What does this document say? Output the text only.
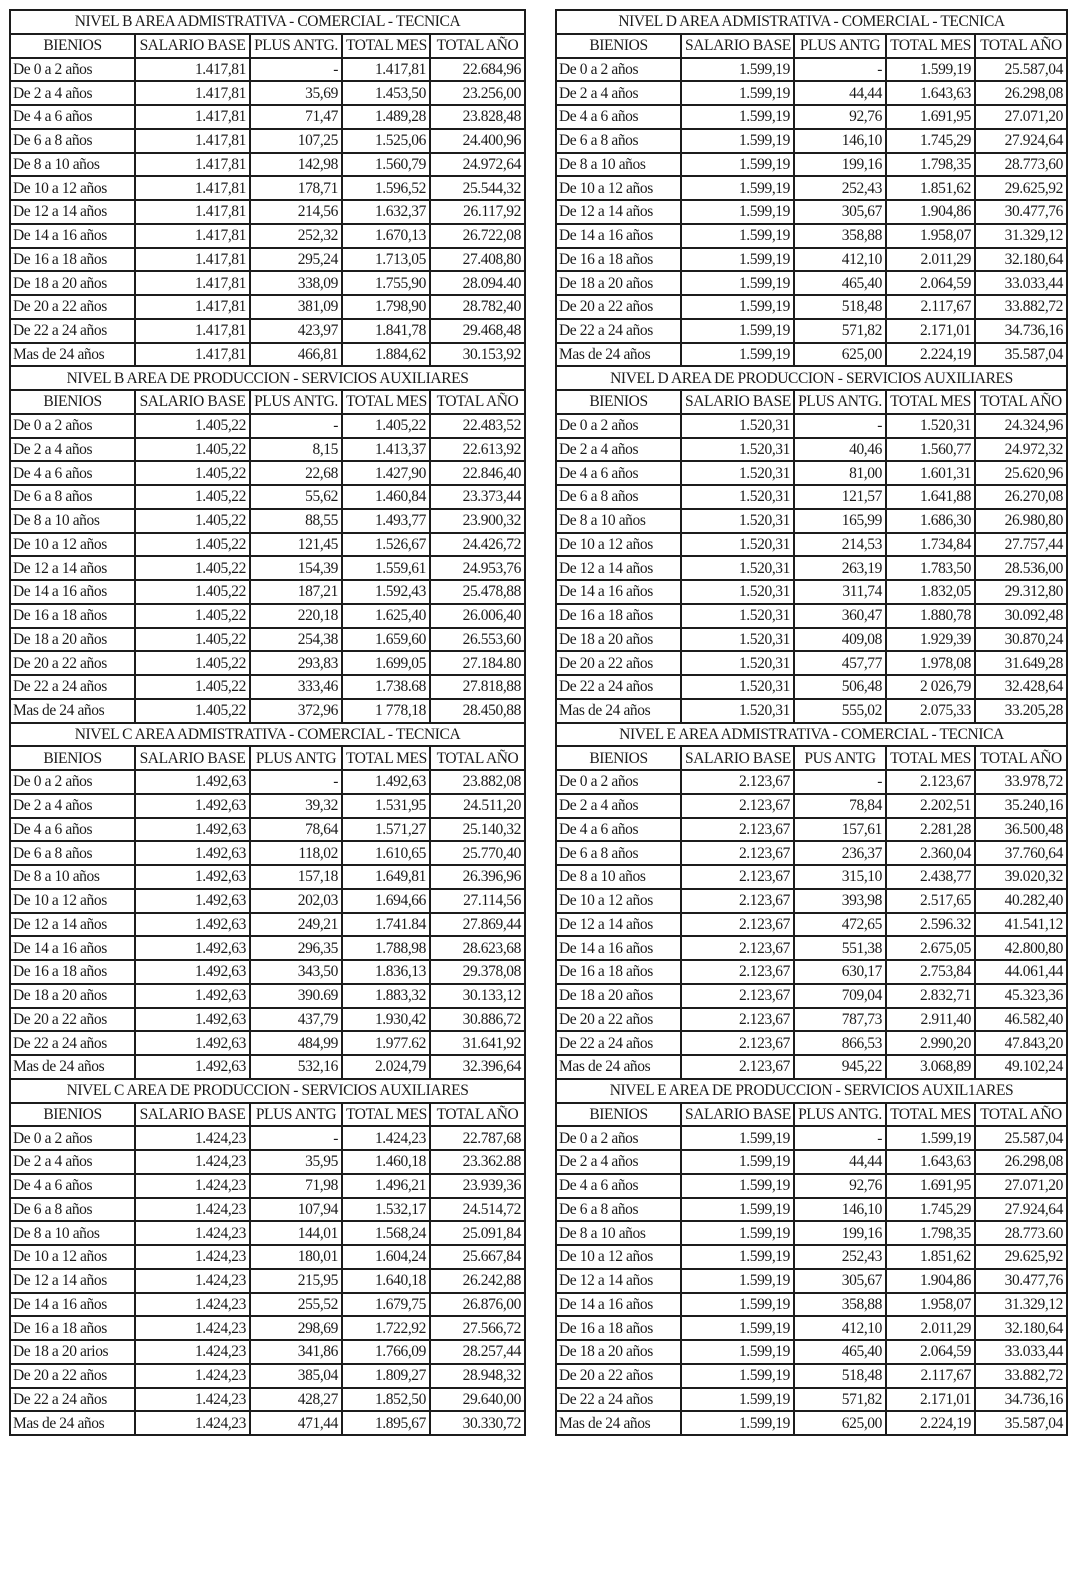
NIVEL B AREA ADMISTRATIVA - COMERCIAL - TECNICA				
BIENIOS	SALARIO BASE	PLUS ANTG.	TOTAL MES	TOTAL AÑO
De 0 a 2 años	1.417,81	-	1.417,81	22.684,96
De 2 a 4 años	1.417,81	35,69	1.453,50	23.256,00
De 4 a 6 años	1.417,81	71,47	1.489,28	23.828,48
De 6 a 8 años	1.417,81	107,25	1.525,06	24.400,96
De 8 a 10 años	1.417,81	142,98	1.560,79	24.972,64
De 10 a 12 años	1.417,81	178,71	1.596,52	25.544,32
De 12 a 14 años	1.417,81	214,56	1.632,37	26.117,92
De 14 a 16 años	1.417,81	252,32	1.670,13	26.722,08
De 16 a 18 años	1.417,81	295,24	1.713,05	27.408,80
De 18 a 20 años	1.417,81	338,09	1.755,90	28.094.40
De 20 a 22 años	1.417,81	381,09	1.798,90	28.782,40
De 22 a 24 años	1.417,81	423,97	1.841,78	29.468,48
Mas de 24 años	1.417,81	466,81	1.884,62	30.153,92
NIVEL B AREA DE PRODUCCION - SERVICIOS AUXILIARES				
BIENIOS	SALARIO BASE	PLUS ANTG.	TOTAL MES	TOTAL AÑO
De 0 a 2 años	1.405,22	-	1.405,22	22.483,52
De 2 a 4 años	1.405,22	8,15	1.413,37	22.613,92
De 4 a 6 años	1.405,22	22,68	1.427,90	22.846,40
De 6 a 8 años	1.405,22	55,62	1.460,84	23.373,44
De 8 a 10 años	1.405,22	88,55	1.493,77	23.900,32
De 10 a 12 años	1.405,22	121,45	1.526,67	24.426,72
De 12 a 14 años	1.405,22	154,39	1.559,61	24.953,76
De 14 a 16 años	1.405,22	187,21	1.592,43	25.478,88
De 16 a 18 años	1.405,22	220,18	1.625,40	26.006,40
De 18 a 20 años	1.405,22	254,38	1.659,60	26.553,60
De 20 a 22 años	1.405,22	293,83	1.699,05	27.184.80
De 22 a 24 años	1.405,22	333,46	1.738.68	27.818,88
Mas de 24 años	1.405,22	372,96	1 778,18	28.450,88
NIVEL C AREA ADMISTRATIVA - COMERCIAL - TECNICA				
BIENIOS	SALARIO BASE	PLUS ANTG	TOTAL MES	TOTAL AÑO
De 0 a 2 años	1.492,63	-	1.492,63	23.882,08
De 2 a 4 años	1.492,63	39,32	1.531,95	24.511,20
De 4 a 6 años	1.492,63	78,64	1.571,27	25.140,32
De 6 a 8 años	1.492,63	118,02	1.610,65	25.770,40
De 8 a 10 años	1.492,63	157,18	1.649,81	26.396,96
De 10 a 12 años	1.492,63	202,03	1.694,66	27.114,56
De 12 a 14 años	1.492,63	249,21	1.741.84	27.869,44
De 14 a 16 años	1.492,63	296,35	1.788,98	28.623,68
De 16 a 18 años	1.492,63	343,50	1.836,13	29.378,08
De 18 a 20 años	1.492,63	390.69	1.883,32	30.133,12
De 20 a 22 años	1.492,63	437,79	1.930,42	30.886,72
De 22 a 24 años	1.492,63	484,99	1.977.62	31.641,92
Mas de 24 años	1.492,63	532,16	2.024,79	32.396,64
NIVEL C AREA DE PRODUCCION - SERVICIOS AUXILIARES				
BIENIOS	SALARIO BASE	PLUS ANTG	TOTAL MES	TOTAL AÑO
De 0 a 2 años	1.424,23	-	1.424,23	22.787,68
De 2 a 4 años	1.424,23	35,95	1.460,18	23.362.88
De 4 a 6 años	1.424,23	71,98	1.496,21	23.939,36
De 6 a 8 años	1.424,23	107,94	1.532,17	24.514,72
De 8 a 10 años	1.424,23	144,01	1.568,24	25.091,84
De 10 a 12 años	1.424,23	180,01	1.604,24	25.667,84
De 12 a 14 años	1.424,23	215,95	1.640,18	26.242,88
De 14 a 16 años	1.424,23	255,52	1.679,75	26.876,00
De 16 a 18 años	1.424,23	298,69	1.722,92	27.566,72
De 18 a 20 arios	1.424,23	341,86	1.766,09	28.257,44
De 20 a 22 años	1.424,23	385,04	1.809,27	28.948,32
De 22 a 24 años	1.424,23	428,27	1.852,50	29.640,00
Mas de 24 años	1.424,23	471,44	1.895,67	30.330,72
NIVEL D AREA ADMISTRATIVA - COMERCIAL - TECNICA				
BIENIOS	SALARIO BASE	PLUS ANTG	TOTAL MES	TOTAL AÑO
De 0 a 2 años	1.599,19	-	1.599,19	25.587,04
De 2 a 4 años	1.599,19	44,44	1.643,63	26.298,08
De 4 a 6 años	1.599,19	92,76	1.691,95	27.071,20
De 6 a 8 años	1.599,19	146,10	1.745,29	27.924,64
De 8 a 10 años	1.599,19	199,16	1.798,35	28.773,60
De 10 a 12 años	1.599,19	252,43	1.851,62	29.625,92
De 12 a 14 años	1.599,19	305,67	1.904,86	30.477,76
De 14 a 16 años	1.599,19	358,88	1.958,07	31.329,12
De 16 a 18 años	1.599,19	412,10	2.011,29	32.180,64
De 18 a 20 años	1.599,19	465,40	2.064,59	33.033,44
De 20 a 22 años	1.599,19	518,48	2.117,67	33.882,72
De 22 a 24 años	1.599,19	571,82	2.171,01	34.736,16
Mas de 24 años	1.599,19	625,00	2.224,19	35.587,04
NIVEL D AREA DE PRODUCCION - SERVICIOS AUXILIARES				
BIENIOS	SALARIO BASE	PLUS ANTG.	TOTAL MES	TOTAL AÑO
De 0 a 2 años	1.520,31	-	1.520,31	24.324,96
De 2 a 4 años	1.520,31	40,46	1.560,77	24.972,32
De 4 a 6 años	1.520,31	81,00	1.601,31	25.620,96
De 6 a 8 años	1.520,31	121,57	1.641,88	26.270,08
De 8 a 10 años	1.520,31	165,99	1.686,30	26.980,80
De 10 a 12 años	1.520,31	214,53	1.734,84	27.757,44
De 12 a 14 años	1.520,31	263,19	1.783,50	28.536,00
De 14 a 16 años	1.520,31	311,74	1.832,05	29.312,80
De 16 a 18 años	1.520,31	360,47	1.880,78	30.092,48
De 18 a 20 años	1.520,31	409,08	1.929,39	30.870,24
De 20 a 22 años	1.520,31	457,77	1.978,08	31.649,28
De 22 a 24 años	1.520,31	506,48	2 026,79	32.428,64
Mas de 24 años	1.520,31	555,02	2.075,33	33.205,28
NIVEL E AREA ADMISTRATIVA - COMERCIAL - TECNICA				
BIENIOS	SALARIO BASE	PUS ANTG	TOTAL MES	TOTAL AÑO
De 0 a 2 años	2.123,67	-	2.123,67	33.978,72
De 2 a 4 años	2.123,67	78,84	2.202,51	35.240,16
De 4 a 6 años	2.123,67	157,61	2.281,28	36.500,48
De 6 a 8 años	2.123,67	236,37	2.360,04	37.760,64
De 8 a 10 años	2.123,67	315,10	2.438,77	39.020,32
De 10 a 12 años	2.123,67	393,98	2.517,65	40.282,40
De 12 a 14 años	2.123,67	472,65	2.596.32	41.541,12
De 14 a 16 años	2.123,67	551,38	2.675,05	42.800,80
De 16 a 18 años	2.123,67	630,17	2.753,84	44.061,44
De 18 a 20 años	2.123,67	709,04	2.832,71	45.323,36
De 20 a 22 años	2.123,67	787,73	2.911,40	46.582,40
De 22 a 24 años	2.123,67	866,53	2.990,20	47.843,20
Mas de 24 años	2.123,67	945,22	3.068,89	49.102,24
NIVEL E AREA DE PRODUCCION - SERVICIOS AUXIL1ARES				
BIENIOS	SALARIO BASE	PLUS ANTG.	TOTAL MES	TOTAL AÑO
De 0 a 2 años	1.599,19	-	1.599,19	25.587,04
De 2 a 4 años	1.599,19	44,44	1.643,63	26.298,08
De 4 a 6 años	1.599,19	92,76	1.691,95	27.071,20
De 6 a 8 años	1.599,19	146,10	1.745,29	27.924,64
De 8 a 10 años	1.599,19	199,16	1.798,35	28.773.60
De 10 a 12 años	1.599,19	252,43	1.851,62	29.625,92
De 12 a 14 años	1.599,19	305,67	1.904,86	30.477,76
De 14 a 16 años	1.599,19	358,88	1.958,07	31.329,12
De 16 a 18 años	1.599,19	412,10	2.011,29	32.180,64
De 18 a 20 años	1.599,19	465,40	2.064,59	33.033,44
De 20 a 22 años	1.599,19	518,48	2.117,67	33.882,72
De 22 a 24 años	1.599,19	571,82	2.171,01	34.736,16
Mas de 24 años	1.599,19	625,00	2.224,19	35.587,04
